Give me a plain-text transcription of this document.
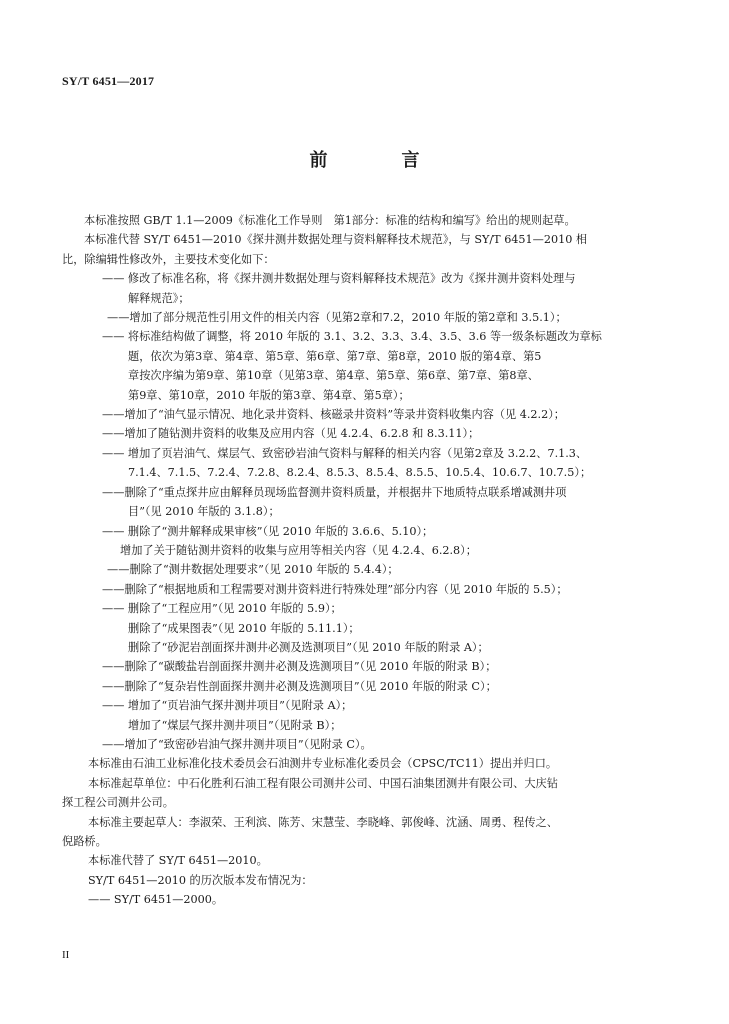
SY/T 6451—2017
前　言

本标准按照 GB/T 1.1—2009《标准化工作导则　第1部分：标准的结构和编写》给出的规则起草。

本标准代替 SY/T 6451—2010《探井测井数据处理与资料解释技术规范》，与 SY/T 6451—2010 相

比，除编辑性修改外，主要技术变化如下：

—— 修改了标准名称，将《探井测井数据处理与资料解释技术规范》改为《探井测井资料处理与

解释规范》；

——增加了部分规范性引用文件的相关内容（见第2章和7.2，2010 年版的第2章和 3.5.1）；

—— 将标准结构做了调整，将 2010 年版的 3.1、3.2、3.3、3.4、3.5、3.6 等一级条标题改为章标

题，依次为第3章、第4章、第5章、第6章、第7章、第8章，2010 版的第4章、第5

章按次序编为第9章、第10章（见第3章、第4章、第5章、第6章、第7章、第8章、

第9章、第10章，2010 年版的第3章、第4章、第5章）；

——增加了“油气显示情况、地化录井资料、核磁录井资料”等录井资料收集内容（见 4.2.2）；

——增加了随钻测井资料的收集及应用内容（见 4.2.4、6.2.8 和 8.3.11）；

—— 增加了页岩油气、煤层气、致密砂岩油气资料与解释的相关内容（见第2章及 3.2.2、7.1.3、

7.1.4、7.1.5、7.2.4、7.2.8、8.2.4、8.5.3、8.5.4、8.5.5、10.5.4、10.6.7、10.7.5）；

——删除了“重点探井应由解释员现场监督测井资料质量，并根据井下地质特点联系增减测井项

目”（见 2010 年版的 3.1.8）；

—— 删除了“测井解释成果审核”（见 2010 年版的 3.6.6、5.10）；

增加了关于随钻测井资料的收集与应用等相关内容（见 4.2.4、6.2.8）；

——删除了“测井数据处理要求”（见 2010 年版的 5.4.4）；

——删除了“根据地质和工程需要对测井资料进行特殊处理”部分内容（见 2010 年版的 5.5）；

—— 删除了“工程应用”（见 2010 年版的 5.9）；

删除了“成果图表”（见 2010 年版的 5.11.1）；

删除了“砂泥岩剖面探井测井必测及选测项目”（见 2010 年版的附录 A）；

——删除了“碳酸盐岩剖面探井测井必测及选测项目”（见 2010 年版的附录 B）；

——删除了“复杂岩性剖面探井测井必测及选测项目”（见 2010 年版的附录 C）；

—— 增加了“页岩油气探井测井项目”（见附录 A）；

增加了“煤层气探井测井项目”（见附录 B）；

——增加了“致密砂岩油气探井测井项目”（见附录 C）。

本标准由石油工业标准化技术委员会石油测井专业标准化委员会（CPSC/TC11）提出并归口。

本标准起草单位：中石化胜利石油工程有限公司测井公司、中国石油集团测井有限公司、大庆钻

探工程公司测井公司。

本标准主要起草人：李淑荣、王利滨、陈芳、宋慧莹、李晓峰、郭俊峰、沈涵、周勇、程传之、

倪路桥。

本标准代替了 SY/T 6451—2010。

SY/T 6451—2010 的历次版本发布情况为：

—— SY/T 6451—2000。

II
